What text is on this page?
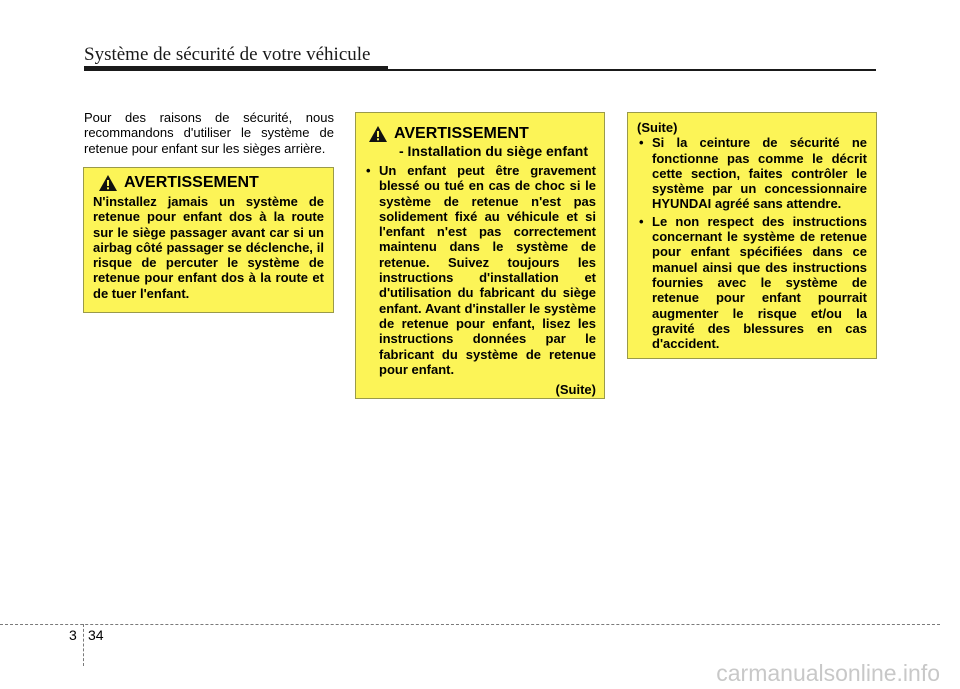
Système de sécurité de votre véhicule
Pour des raisons de sécurité, nous recommandons d'utiliser le système de retenue pour enfant sur les sièges arrière.
AVERTISSEMENT
N'installez jamais un système de retenue pour enfant dos à la route sur le siège passager avant car si un airbag côté passager se déclenche, il risque de percuter le système de retenue pour enfant dos à la route et de tuer l'enfant.
AVERTISSEMENT
- Installation du siège enfant
• Un enfant peut être gravement blessé ou tué en cas de choc si le système de retenue n'est pas solidement fixé au véhicule et si l'enfant n'est pas correctement maintenu dans le système de retenue. Suivez toujours les instructions d'installation et d'utilisation du fabricant du siège enfant. Avant d'installer le système de retenue pour enfant, lisez les instructions données par le fabricant du système de retenue pour enfant.
(Suite)
(Suite)
• Si la ceinture de sécurité ne fonctionne pas comme le décrit cette section, faites contrôler le système par un concessionnaire HYUNDAI agréé sans attendre.
• Le non respect des instructions concernant le système de retenue pour enfant spécifiées dans ce manuel ainsi que des instructions fournies avec le système de retenue pour enfant pourrait augmenter le risque et/ou la gravité des blessures en cas d'accident.
3 34
carmanualsonline.info
